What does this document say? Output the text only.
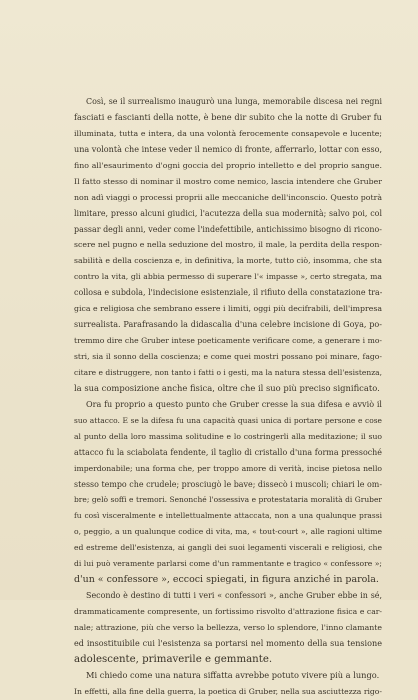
Così, se il surrealismo inaugurò una lunga, memorabile discesa nei regni
fasciati e fascianti della notte, è bene dir subito che la notte di Gruber fu
illuminata, tutta e intera, da una volontà ferocemente consapevole e lucente;
una volontà che intese veder il nemico di fronte, afferrarlo, lottar con esso,
fino all'esaurimento d'ogni goccia del proprio intelletto e del proprio sangue.
Il fatto stesso di nominar il mostro come nemico, lascia intendere che Gruber
non adì viaggi o processi proprii alle meccaniche dell'inconscio. Questo potrà
limitare, presso alcuni giudici, l'acutezza della sua modernità; salvo poi, col
passar degli anni, veder come l'indefettibile, antichissimo bisogno di ricono-
scere nel pugno e nella seduzione del mostro, il male, la perdita della respon-
sabilità e della coscienza e, in definitiva, la morte, tutto ciò, insomma, che sta
contro la vita, gli abbia permesso di superare l'« impasse », certo stregata, ma
collosa e subdola, l'indecisione esistenziale, il rifiuto della constatazione tra-
gica e religiosa che sembrano essere i limiti, oggi più decifrabili, dell'impresa
surrealista. Parafrasando la didascalia d'una celebre incisione di Goya, po-
tremmo dire che Gruber intese poeticamente verificare come, a generare i mo-
stri, sia il sonno della coscienza; e come quei mostri possano poi minare, fago-
citare e distruggere, non tanto i fatti o i gesti, ma la natura stessa dell'esistenza,
la sua composizione anche fisica, oltre che il suo più preciso significato.

Ora fu proprio a questo punto che Gruber cresse la sua difesa e avviò il
suo attacco. E se la difesa fu una capacità quasi unica di portare persone e cose
al punto della loro massima solitudine e lo costringerli alla meditazione; il suo
attacco fu la sciabolata fendente, il taglio di cristallo d'una forma pressoché
imperdonabile; una forma che, per troppo amore di verità, incise pietosa nello
stesso tempo che crudele; prosciugò le bave; dissecò i muscoli; chiari le om-
bre; gelò soffi e tremori. Senonché l'ossessiva e protestataria moralità di Gruber
fu così visceralmente e intellettualmente attaccata, non a una qualunque prassi
o, peggio, a un qualunque codice di vita, ma, « tout-court », alle ragioni ultime
ed estreme dell'esistenza, ai gangli dei suoi legamenti viscerali e religiosi, che
di lui può veramente parlarsi come d'un rammentante e tragico « confessore »;
d'un « confessore », eccoci spiegati, in figura anziché in parola.

Secondo è destino di tutti i veri « confessori », anche Gruber ebbe in sé,
drammaticamente compresente, un fortissimo risvolto d'attrazione fisica e car-
nale; attrazione, più che verso la bellezza, verso lo splendore, l'inno clamante
ed insostituibile cui l'esistenza sa portarsi nel momento della sua tensione
adolescente, primaverile e gemmante.

Mi chiedo come una natura siffatta avrebbe potuto vivere più a lungo.
In effetti, alla fine della guerra, la poetica di Gruber, nella sua asciuttezza rigo-
